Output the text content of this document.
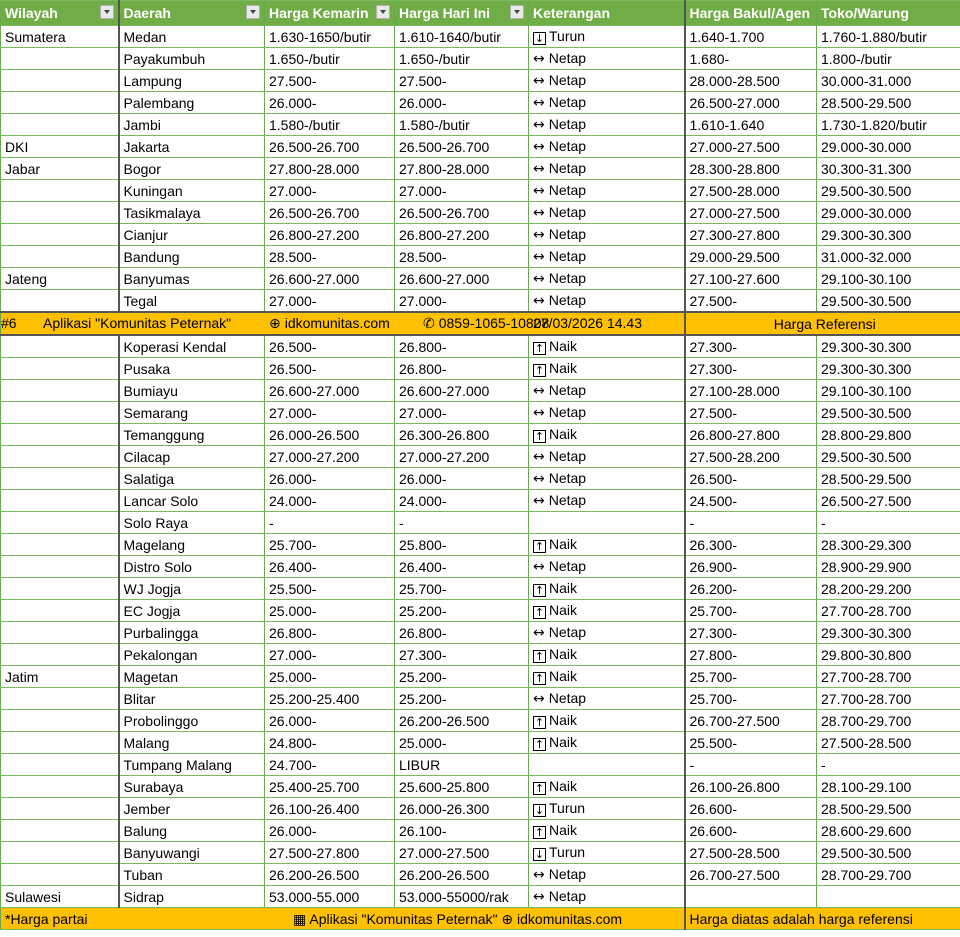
Wilayah	Daerah	Harga Kemarin	Harga Hari Ini	Keterangan	Harga Bakul/Agen	Toko/Warung
Sumatera	Medan	1.630-1650/butir	1.610-1640/butir	↓ Turun	1.640-1.700	1.760-1.880/butir
	Payakumbuh	1.650-/butir	1.650-/butir	↔ Netap	1.680-	1.800-/butir
	Lampung	27.500-	27.500-	↔ Netap	28.000-28.500	30.000-31.000
	Palembang	26.000-	26.000-	↔ Netap	26.500-27.000	28.500-29.500
	Jambi	1.580-/butir	1.580-/butir	↔ Netap	1.610-1.640	1.730-1.820/butir
DKI	Jakarta	26.500-26.700	26.500-26.700	↔ Netap	27.000-27.500	29.000-30.000
Jabar	Bogor	27.800-28.000	27.800-28.000	↔ Netap	28.300-28.800	30.300-31.300
	Kuningan	27.000-	27.000-	↔ Netap	27.500-28.000	29.500-30.500
	Tasikmalaya	26.500-26.700	26.500-26.700	↔ Netap	27.000-27.500	29.000-30.000
	Cianjur	26.800-27.200	26.800-27.200	↔ Netap	27.300-27.800	29.300-30.300
	Bandung	28.500-	28.500-	↔ Netap	29.000-29.500	31.000-32.000
Jateng	Banyumas	26.600-27.000	26.600-27.000	↔ Netap	27.100-27.600	29.100-30.100
	Tegal	27.000-	27.000-	↔ Netap	27.500-	29.500-30.500

#6 Aplikasi "Komunitas Peternak" ⊕ idkomunitas.com ✆ 0859-1065-10808
27/03/2026 14.43					Harga Referensi	
	Koperasi Kendal	26.500-	26.800-	↑ Naik	27.300-	29.300-30.300
	Pusaka	26.500-	26.800-	↑ Naik	27.300-	29.300-30.300
	Bumiayu	26.600-27.000	26.600-27.000	↔ Netap	27.100-28.000	29.100-30.100
	Semarang	27.000-	27.000-	↔ Netap	27.500-	29.500-30.500
	Temanggung	26.000-26.500	26.300-26.800	↑ Naik	26.800-27.800	28.800-29.800
	Cilacap	27.000-27.200	27.000-27.200	↔ Netap	27.500-28.200	29.500-30.500
	Salatiga	26.000-	26.000-	↔ Netap	26.500-	28.500-29.500
	Lancar Solo	24.000-	24.000-	↔ Netap	24.500-	26.500-27.500
	Solo Raya	-	-		-	-
	Magelang	25.700-	25.800-	↑ Naik	26.300-	28.300-29.300
	Distro Solo	26.400-	26.400-	↔ Netap	26.900-	28.900-29.900
	WJ Jogja	25.500-	25.700-	↑ Naik	26.200-	28.200-29.200
	EC Jogja	25.000-	25.200-	↑ Naik	25.700-	27.700-28.700
	Purbalingga	26.800-	26.800-	↔ Netap	27.300-	29.300-30.300
	Pekalongan	27.000-	27.300-	↑ Naik	27.800-	29.800-30.800
Jatim	Magetan	25.000-	25.200-	↑ Naik	25.700-	27.700-28.700
	Blitar	25.200-25.400	25.200-	↔ Netap	25.700-	27.700-28.700
	Probolinggo	26.000-	26.200-26.500	↑ Naik	26.700-27.500	28.700-29.700
	Malang	24.800-	25.000-	↑ Naik	25.500-	27.500-28.500
	Tumpang Malang	24.700-	LIBUR		-	-
	Surabaya	25.400-25.700	25.600-25.800	↑ Naik	26.100-26.800	28.100-29.100
	Jember	26.100-26.400	26.000-26.300	↓ Turun	26.600-	28.500-29.500
	Balung	26.000-	26.100-	↑ Naik	26.600-	28.600-29.600
	Banyuwangi	27.500-27.800	27.000-27.500	↓ Turun	27.500-28.500	29.500-30.500
	Tuban	26.200-26.500	26.200-26.500	↔ Netap	26.700-27.500	28.700-29.700
Sulawesi	Sidrap	53.000-55.000	53.000-55000/rak	↔ Netap		
*Harga partai ▦ Aplikasi "Komunitas Peternak" ⊕ idkomunitas.com					Harga diatas adalah harga referensi	
